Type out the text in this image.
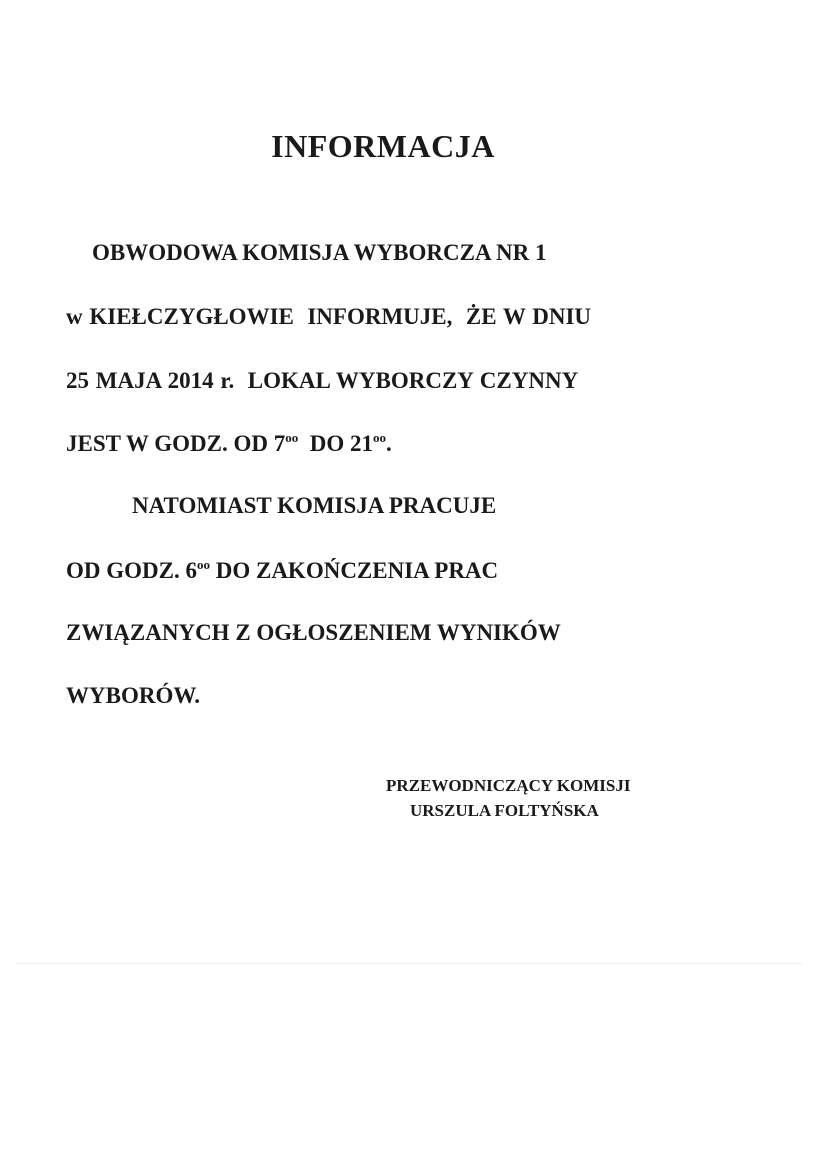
INFORMACJA

OBWODOWA KOMISJA WYBORCZA NR 1

w KIEŁCZYGŁOWIE  INFORMUJE,  ŻE W DNIU

25 MAJA 2014 r.  LOKAL WYBORCZY CZYNNY

JEST W GODZ. OD $7^{oo}$  DO $21^{oo}$.

NATOMIAST KOMISJA PRACUJE

OD GODZ. $6^{oo}$ DO ZAKOŃCZENIA PRAC

ZWIĄZANYCH Z OGŁOSZENIEM WYNIKÓW

WYBORÓW.

PRZEWODNICZĄCY KOMISJI

URSZULA FOLTYŃSKA
